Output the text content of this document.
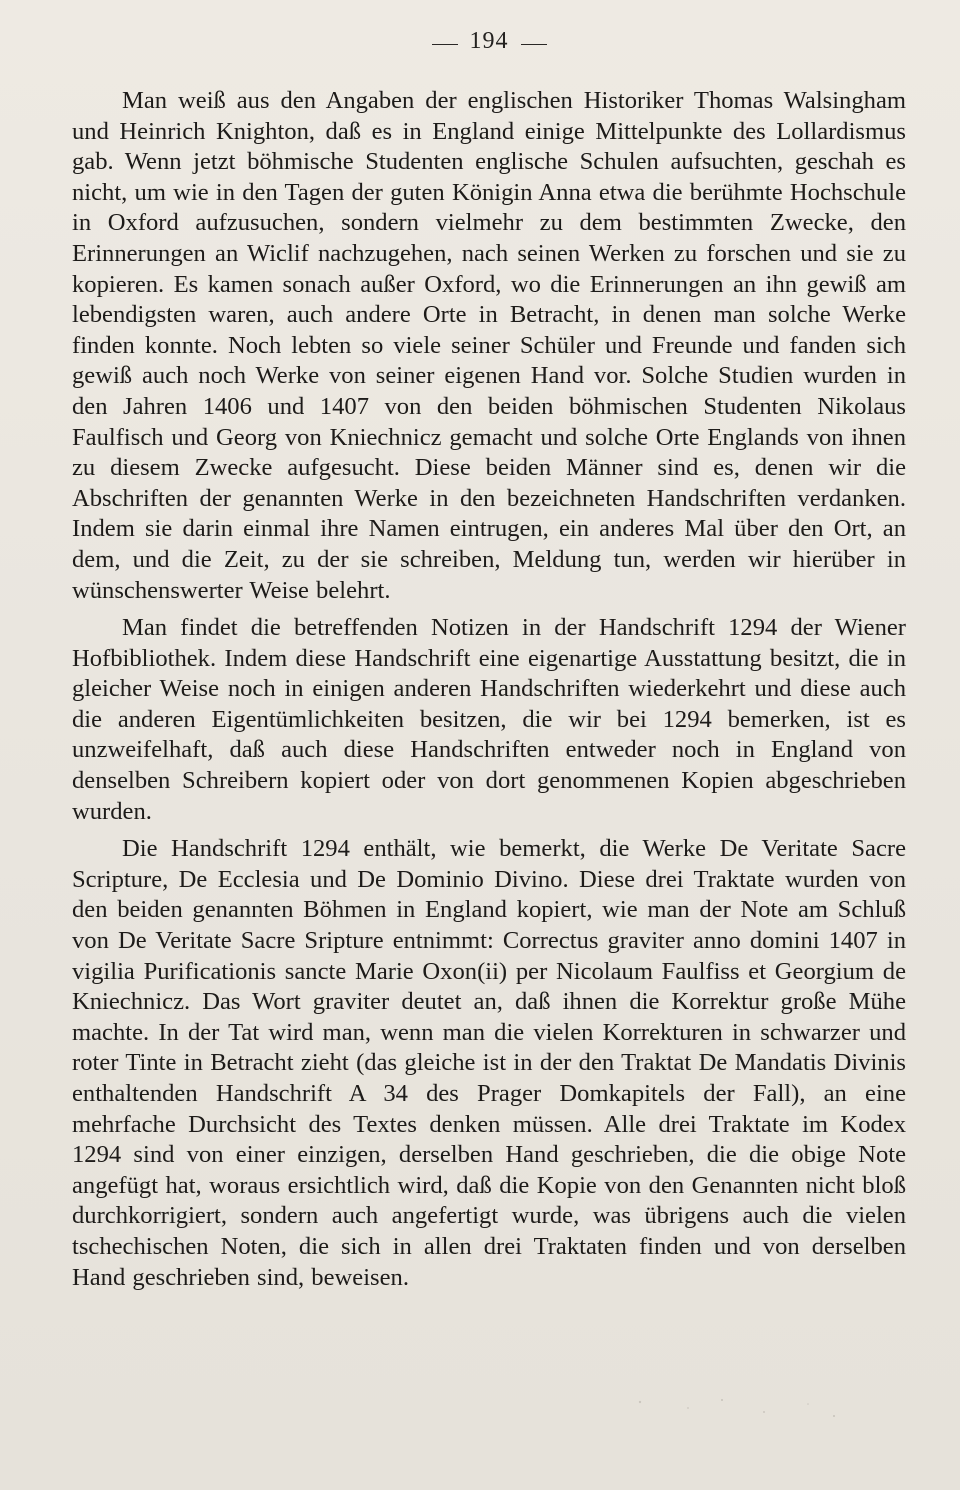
194

Man weiß aus den Angaben der englischen Historiker Thomas Walsingham und Heinrich Knighton, daß es in England einige Mittelpunkte des Lollardismus gab. Wenn jetzt böhmische Studenten englische Schulen aufsuchten, geschah es nicht, um wie in den Tagen der guten Königin Anna etwa die berühmte Hochschule in Oxford aufzusuchen, sondern vielmehr zu dem bestimmten Zwecke, den Erinnerungen an Wiclif nachzugehen, nach seinen Werken zu forschen und sie zu kopieren. Es kamen sonach außer Oxford, wo die Erinnerungen an ihn gewiß am lebendigsten waren, auch andere Orte in Betracht, in denen man solche Werke finden konnte. Noch lebten so viele seiner Schüler und Freunde und fanden sich gewiß auch noch Werke von seiner eigenen Hand vor. Solche Studien wurden in den Jahren 1406 und 1407 von den beiden böhmischen Studenten Nikolaus Faulfisch und Georg von Kniechnicz gemacht und solche Orte Englands von ihnen zu diesem Zwecke aufgesucht. Diese beiden Männer sind es, denen wir die Abschriften der genannten Werke in den bezeichneten Handschriften verdanken. Indem sie darin einmal ihre Namen eintrugen, ein anderes Mal über den Ort, an dem, und die Zeit, zu der sie schreiben, Meldung tun, werden wir hierüber in wünschenswerter Weise belehrt.

Man findet die betreffenden Notizen in der Handschrift 1294 der Wiener Hofbibliothek. Indem diese Handschrift eine eigenartige Ausstattung besitzt, die in gleicher Weise noch in einigen anderen Handschriften wiederkehrt und diese auch die anderen Eigentümlichkeiten besitzen, die wir bei 1294 bemerken, ist es unzweifelhaft, daß auch diese Handschriften entweder noch in England von denselben Schreibern kopiert oder von dort genommenen Kopien abgeschrieben wurden.

Die Handschrift 1294 enthält, wie bemerkt, die Werke De Veritate Sacre Scripture, De Ecclesia und De Dominio Divino. Diese drei Traktate wurden von den beiden genannten Böhmen in England kopiert, wie man der Note am Schluß von De Veritate Sacre Sripture entnimmt: Correctus graviter anno domini 1407 in vigilia Purificationis sancte Marie Oxon(ii) per Nicolaum Faulfiss et Georgium de Kniechnicz. Das Wort graviter deutet an, daß ihnen die Korrektur große Mühe machte. In der Tat wird man, wenn man die vielen Korrekturen in schwarzer und roter Tinte in Betracht zieht (das gleiche ist in der den Traktat De Mandatis Divinis enthaltenden Handschrift A 34 des Prager Domkapitels der Fall), an eine mehrfache Durchsicht des Textes denken müssen. Alle drei Traktate im Kodex 1294 sind von einer einzigen, derselben Hand geschrieben, die die obige Note angefügt hat, woraus ersichtlich wird, daß die Kopie von den Genannten nicht bloß durchkorrigiert, sondern auch angefertigt wurde, was übrigens auch die vielen tschechischen Noten, die sich in allen drei Traktaten finden und von derselben Hand geschrieben sind, beweisen.
